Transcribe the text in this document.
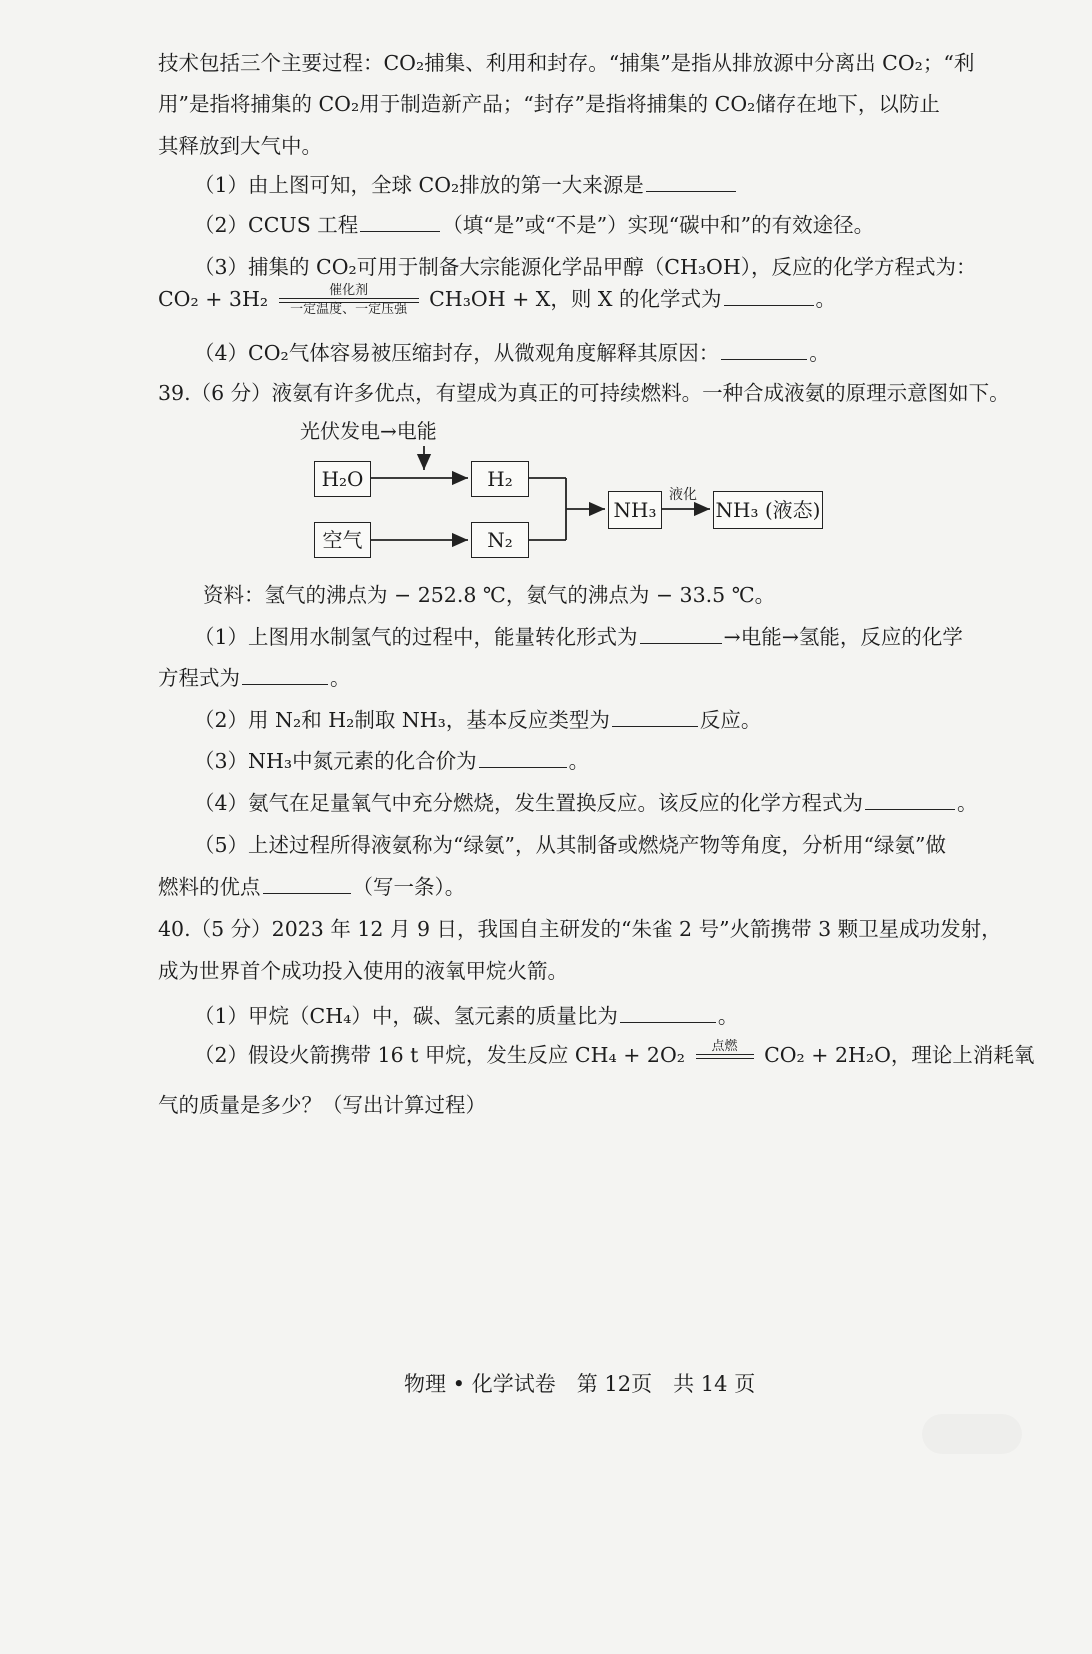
技术包括三个主要过程：CO₂捕集、利用和封存。“捕集”是指从排放源中分离出 CO₂；“利
用”是指将捕集的 CO₂用于制造新产品；“封存”是指将捕集的 CO₂储存在地下，以防止
其释放到大气中。
（1）由上图可知，全球 CO₂排放的第一大来源是
（2）CCUS 工程	（填“是”或“不是”）实现“碳中和”的有效途径。
（3）捕集的 CO₂可用于制备大宗能源化学品甲醇（CH₃OH），反应的化学方程式为：
CO₂ + 3H₂	催化剂
一定温度、一定压强	CH₃OH + X，则 X 的化学式为	。
（4）CO₂气体容易被压缩封存，从微观角度解释其原因：	。
39.（6 分）液氨有许多优点，有望成为真正的可持续燃料。一种合成液氨的原理示意图如下。
光伏发电→电能
H₂O
空气
H₂
N₂
NH₃
液化
NH₃ (液态)
资料：氢气的沸点为 − 252.8 ℃，氨气的沸点为 − 33.5 ℃。
（1）上图用水制氢气的过程中，能量转化形式为	→电能→氢能，反应的化学
方程式为	。
（2）用 N₂和 H₂制取 NH₃，基本反应类型为	反应。
（3）NH₃中氮元素的化合价为	。
（4）氨气在足量氧气中充分燃烧，发生置换反应。该反应的化学方程式为	。
（5）上述过程所得液氨称为“绿氨”，从其制备或燃烧产物等角度，分析用“绿氨”做
燃料的优点	（写一条）。
40.（5 分）2023 年 12 月 9 日，我国自主研发的“朱雀 2 号”火箭携带 3 颗卫星成功发射，
成为世界首个成功投入使用的液氧甲烷火箭。
（1）甲烷（CH₄）中，碳、氢元素的质量比为	。
（2）假设火箭携带 16 t 甲烷，发生反应 CH₄ + 2O₂	点燃
	CO₂ + 2H₂O，理论上消耗氧
气的质量是多少？（写出计算过程）
物理 • 化学试卷　第 12页　共 14 页
